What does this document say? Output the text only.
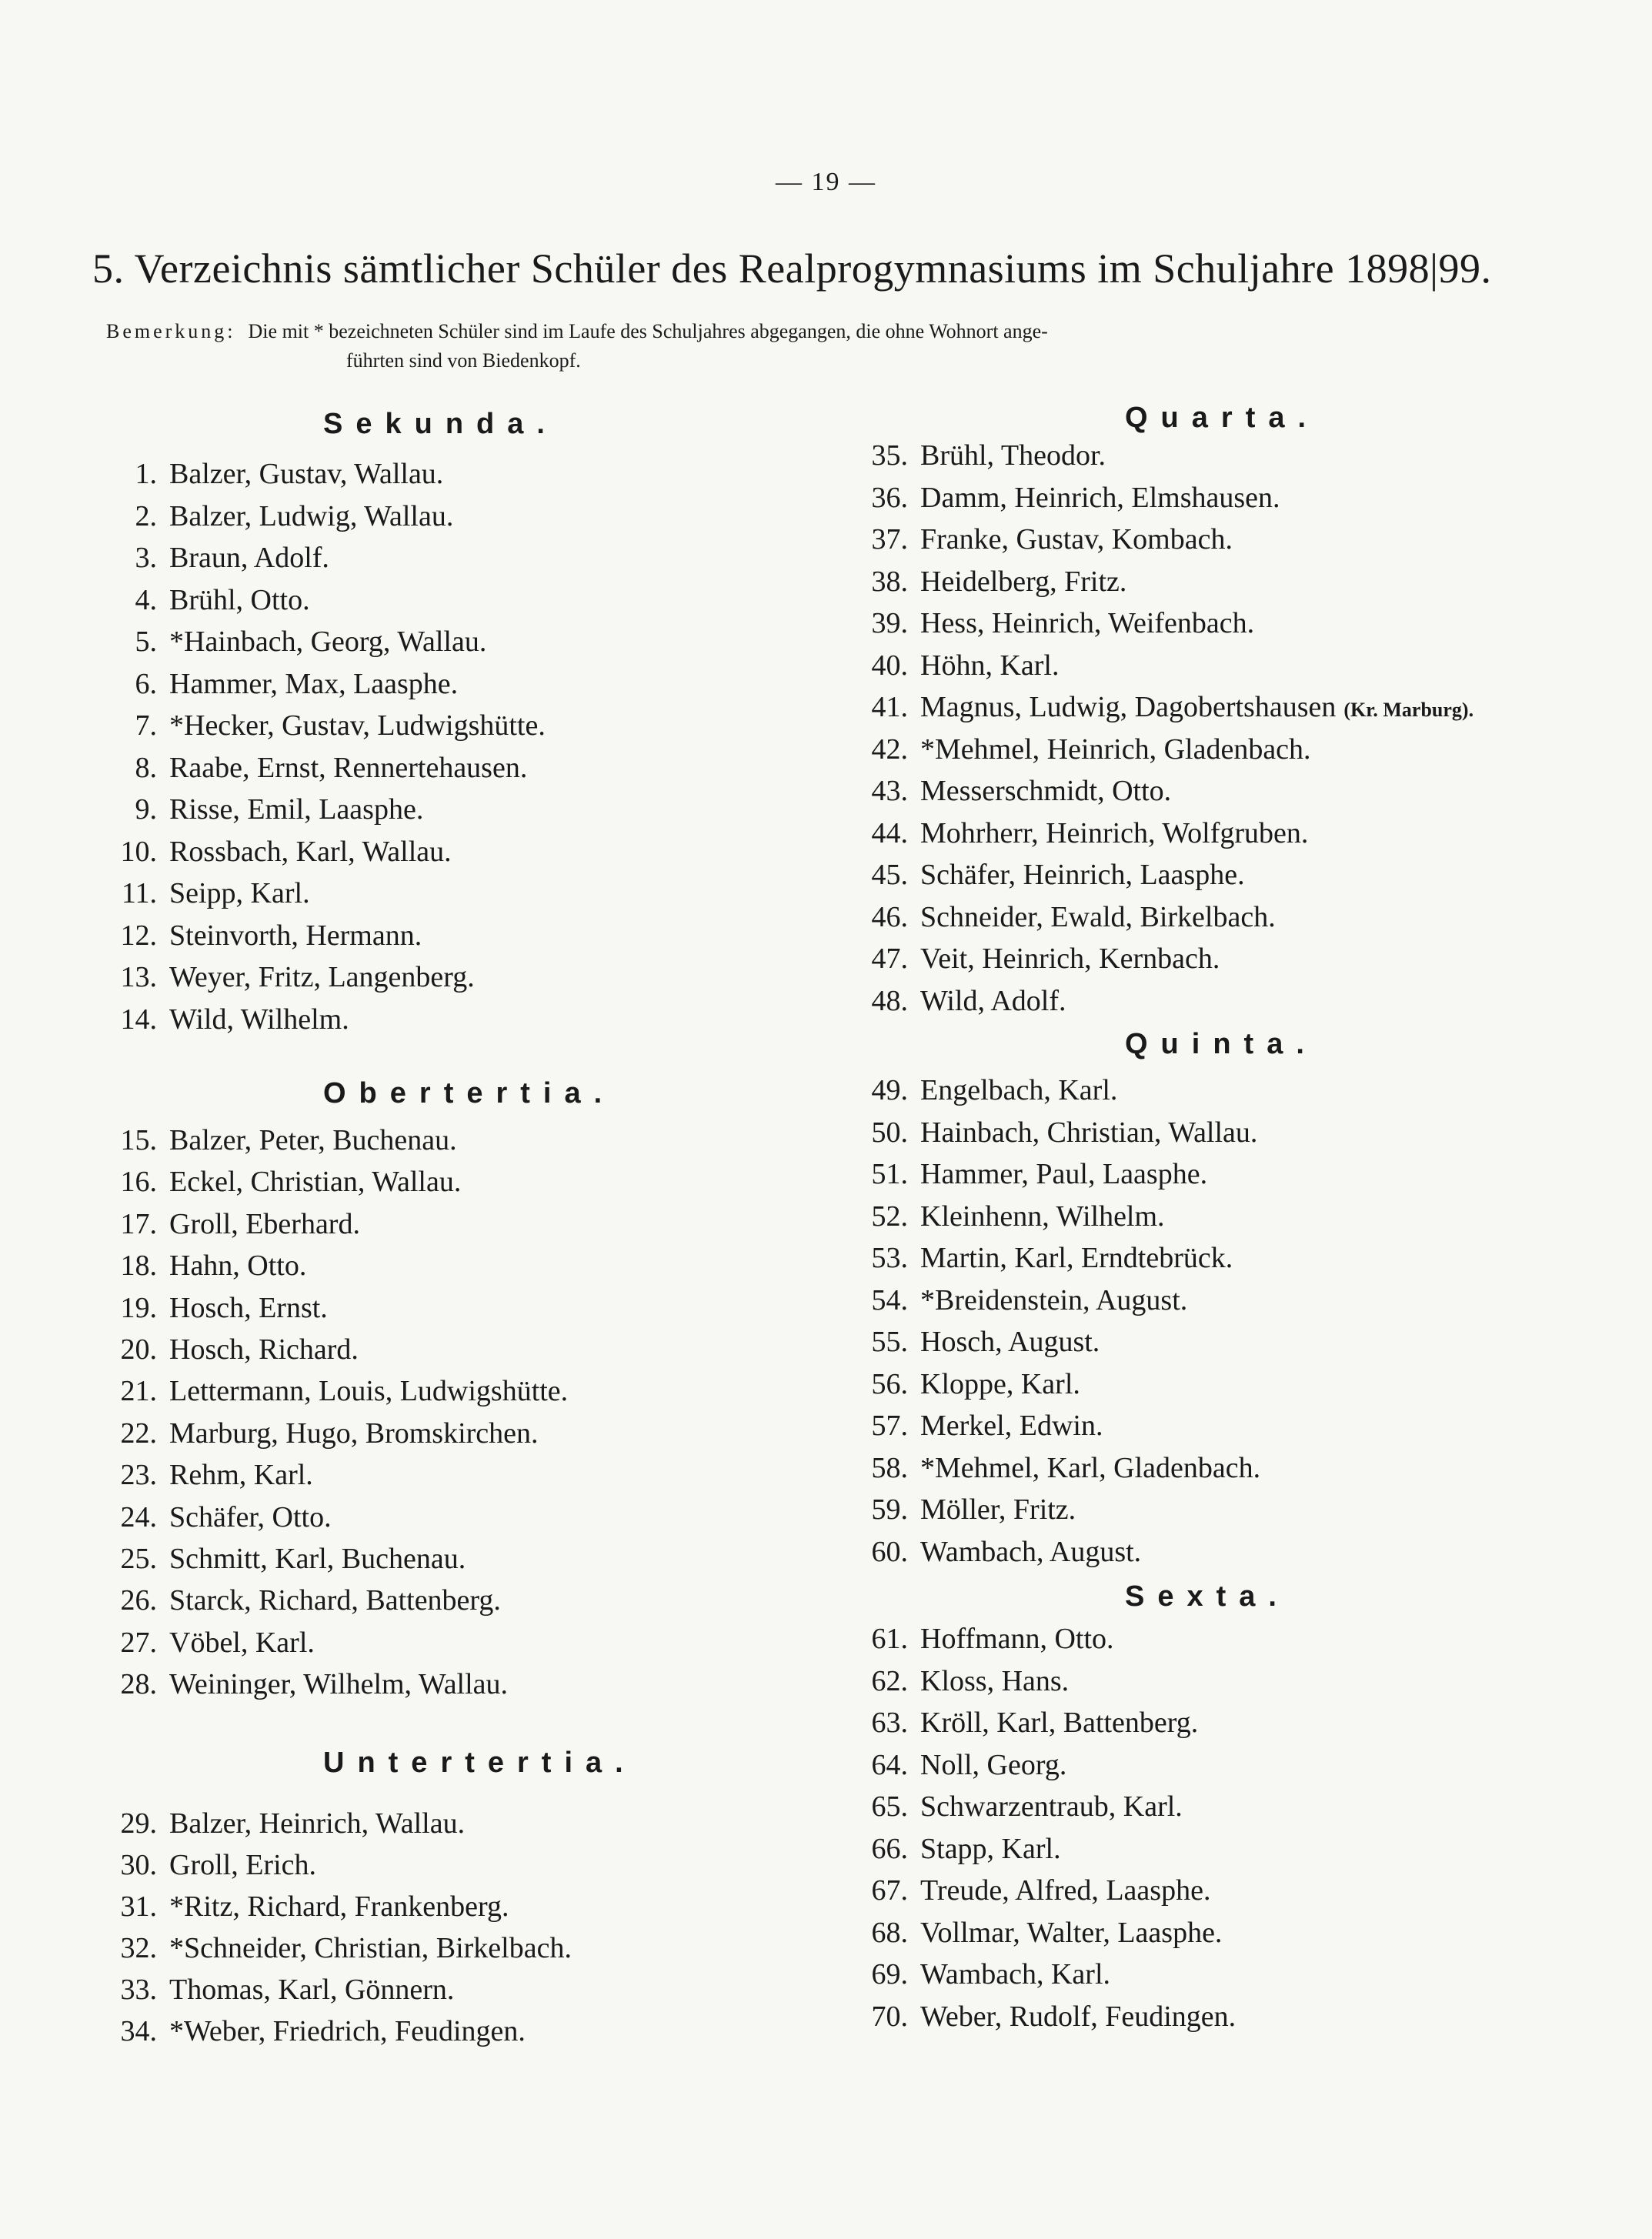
— 19 —
5. Verzeichnis sämtlicher Schüler des Realprogymnasiums im Schuljahre 1898|99.
Bemerkung: Die mit * bezeichneten Schüler sind im Laufe des Schuljahres abgegangen, die ohne Wohnort ange-
führten sind von Biedenkopf.
Sekunda.
1. Balzer, Gustav, Wallau.
2. Balzer, Ludwig, Wallau.
3. Braun, Adolf.
4. Brühl, Otto.
5. *Hainbach, Georg, Wallau.
6. Hammer, Max, Laasphe.
7. *Hecker, Gustav, Ludwigshütte.
8. Raabe, Ernst, Rennertehausen.
9. Risse, Emil, Laasphe.
10. Rossbach, Karl, Wallau.
11. Seipp, Karl.
12. Steinvorth, Hermann.
13. Weyer, Fritz, Langenberg.
14. Wild, Wilhelm.
Obertertia.
15. Balzer, Peter, Buchenau.
16. Eckel, Christian, Wallau.
17. Groll, Eberhard.
18. Hahn, Otto.
19. Hosch, Ernst.
20. Hosch, Richard.
21. Lettermann, Louis, Ludwigshütte.
22. Marburg, Hugo, Bromskirchen.
23. Rehm, Karl.
24. Schäfer, Otto.
25. Schmitt, Karl, Buchenau.
26. Starck, Richard, Battenberg.
27. Vöbel, Karl.
28. Weininger, Wilhelm, Wallau.
Untertertia.
29. Balzer, Heinrich, Wallau.
30. Groll, Erich.
31. *Ritz, Richard, Frankenberg.
32. *Schneider, Christian, Birkelbach.
33. Thomas, Karl, Gönnern.
34. *Weber, Friedrich, Feudingen.
Quarta.
35. Brühl, Theodor.
36. Damm, Heinrich, Elmshausen.
37. Franke, Gustav, Kombach.
38. Heidelberg, Fritz.
39. Hess, Heinrich, Weifenbach.
40. Höhn, Karl.
41. Magnus, Ludwig, Dagobertshausen (Kr. Marburg).
42. *Mehmel, Heinrich, Gladenbach.
43. Messerschmidt, Otto.
44. Mohrherr, Heinrich, Wolfgruben.
45. Schäfer, Heinrich, Laasphe.
46. Schneider, Ewald, Birkelbach.
47. Veit, Heinrich, Kernbach.
48. Wild, Adolf.
Quinta.
49. Engelbach, Karl.
50. Hainbach, Christian, Wallau.
51. Hammer, Paul, Laasphe.
52. Kleinhenn, Wilhelm.
53. Martin, Karl, Erndtebrück.
54. *Breidenstein, August.
55. Hosch, August.
56. Kloppe, Karl.
57. Merkel, Edwin.
58. *Mehmel, Karl, Gladenbach.
59. Möller, Fritz.
60. Wambach, August.
Sexta.
61. Hoffmann, Otto.
62. Kloss, Hans.
63. Kröll, Karl, Battenberg.
64. Noll, Georg.
65. Schwarzentraub, Karl.
66. Stapp, Karl.
67. Treude, Alfred, Laasphe.
68. Vollmar, Walter, Laasphe.
69. Wambach, Karl.
70. Weber, Rudolf, Feudingen.
